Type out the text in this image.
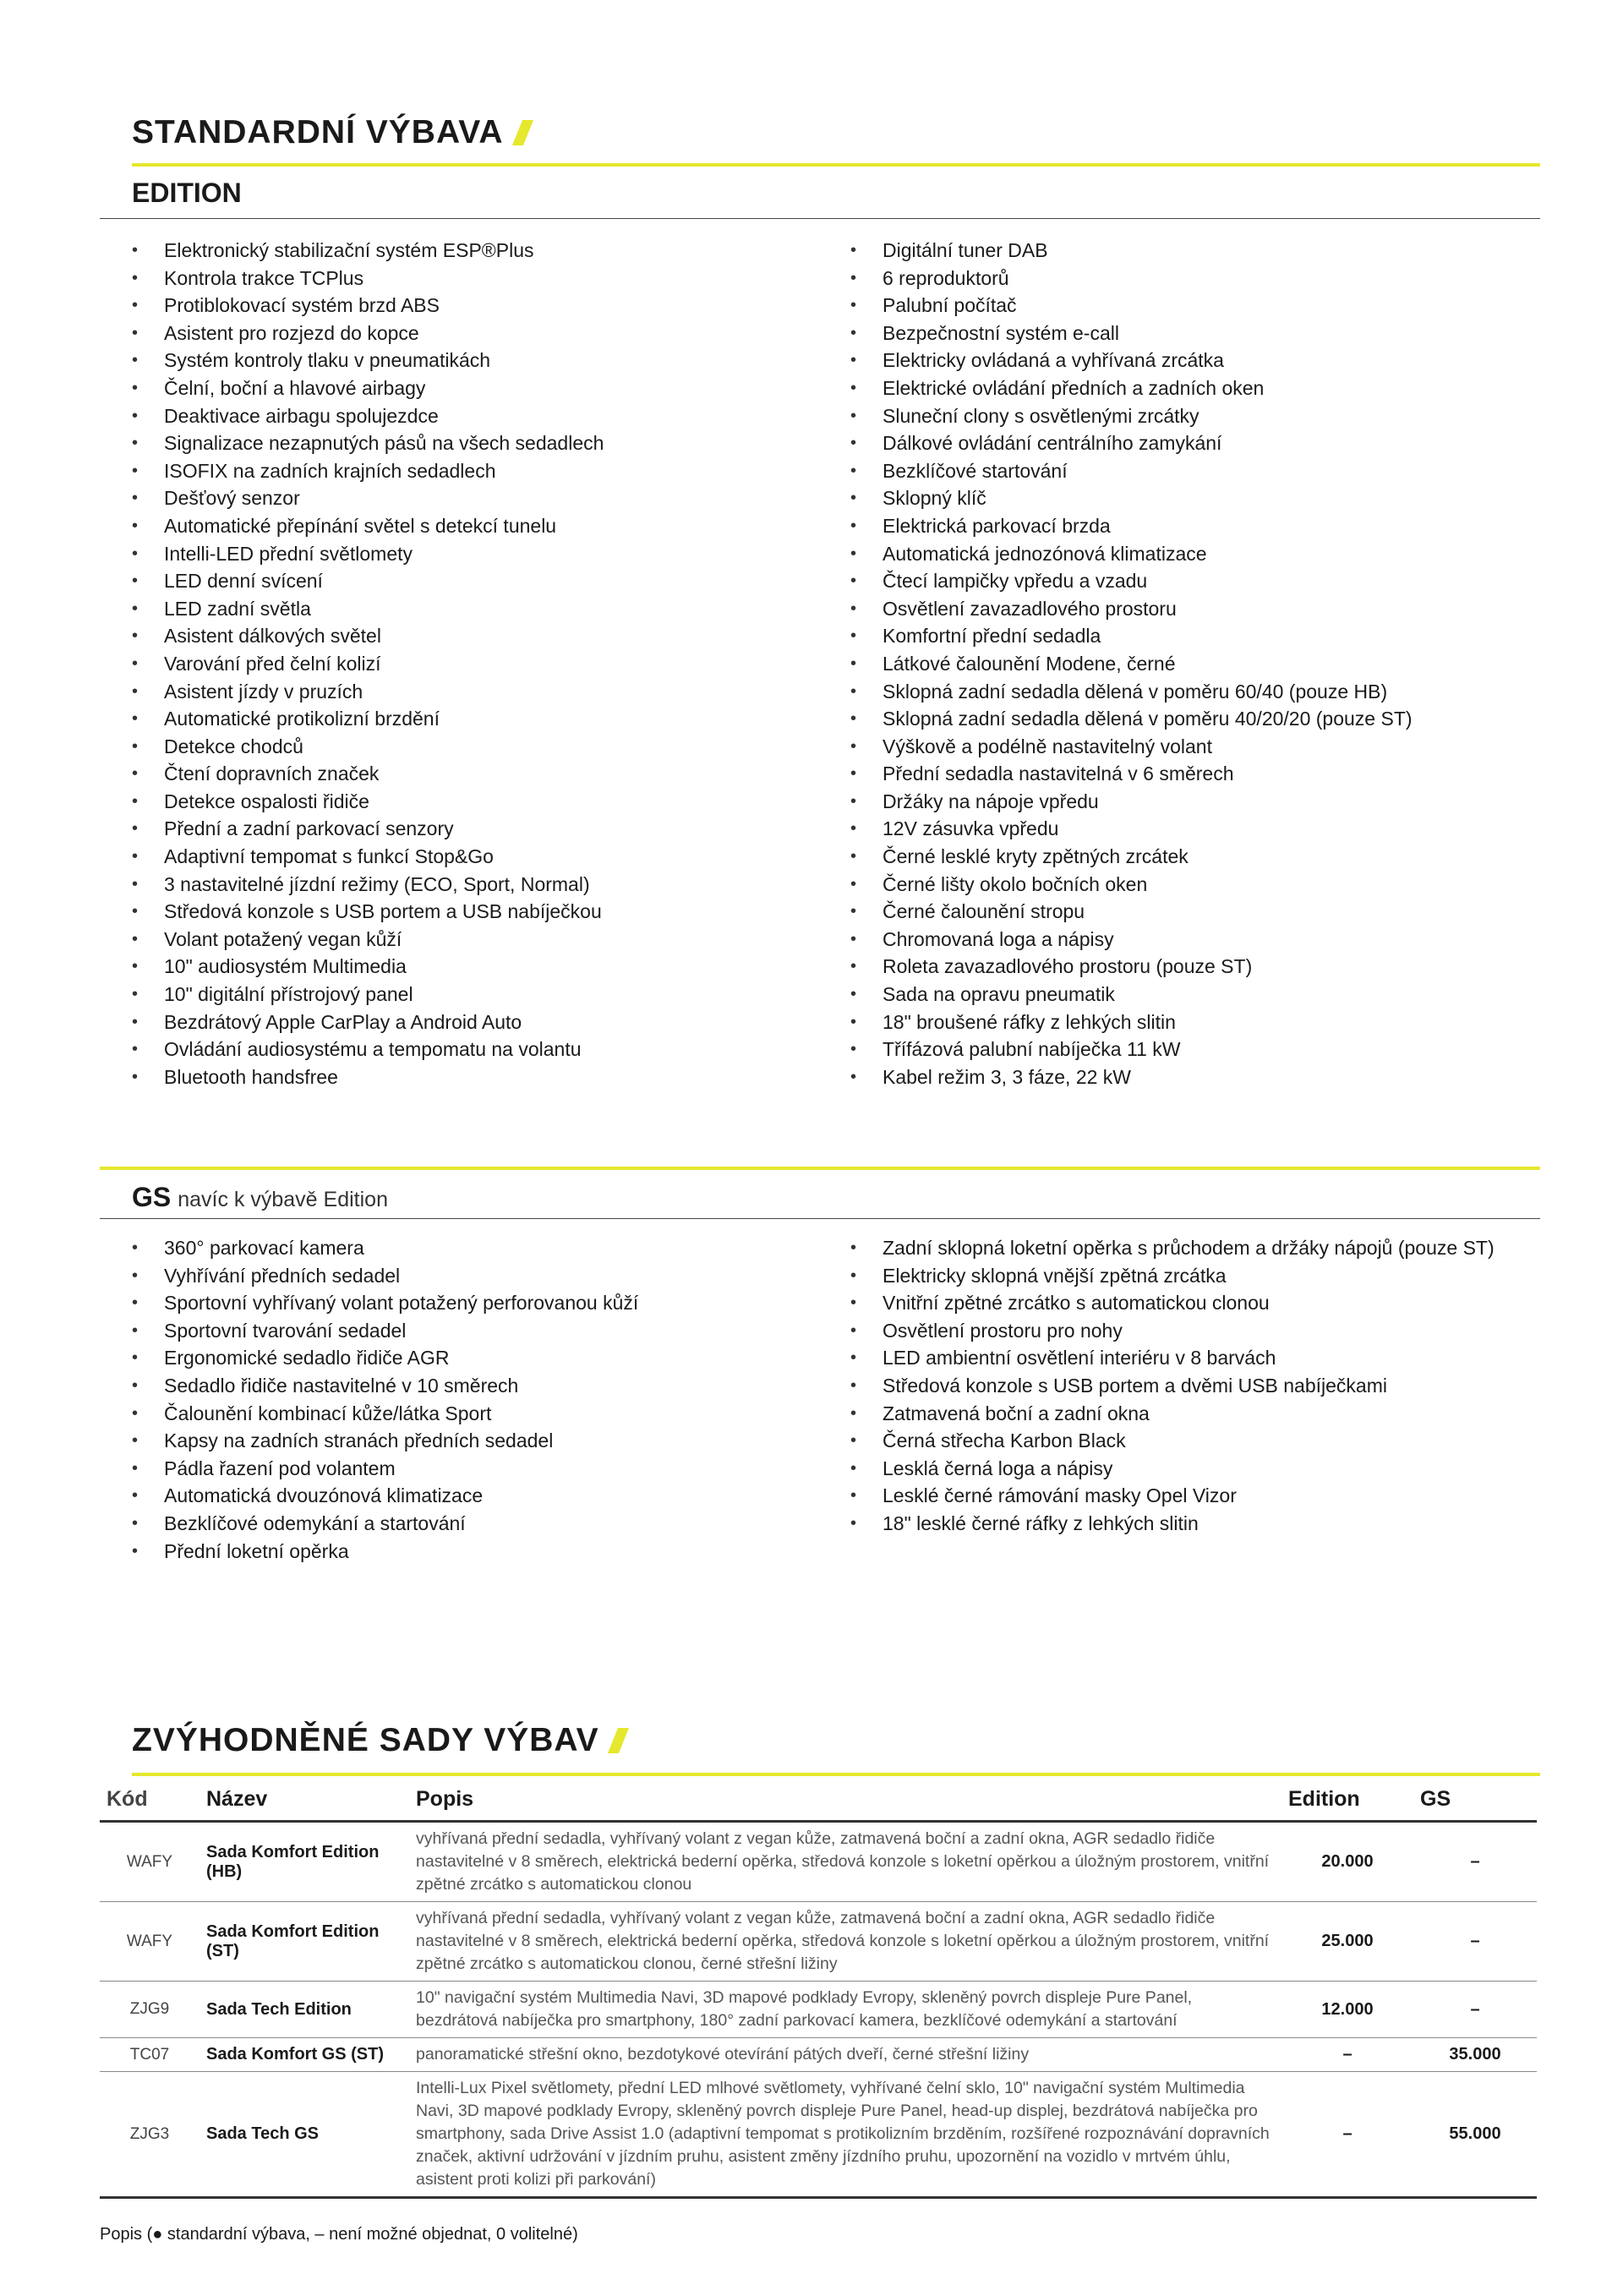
STANDARDNÍ VÝBAVA
EDITION
• Elektronický stabilizační systém ESP®Plus
• Kontrola trakce TCPlus
• Protiblokovací systém brzd ABS
• Asistent pro rozjezd do kopce
• Systém kontroly tlaku v pneumatikách
• Čelní, boční a hlavové airbagy
• Deaktivace airbagu spolujezdce
• Signalizace nezapnutých pásů na všech sedadlech
• ISOFIX na zadních krajních sedadlech
• Dešťový senzor
• Automatické přepínání světel s detekcí tunelu
• Intelli-LED přední světlomety
• LED denní svícení
• LED zadní světla
• Asistent dálkových světel
• Varování před čelní kolizí
• Asistent jízdy v pruzích
• Automatické protikolizní brzdění
• Detekce chodců
• Čtení dopravních značek
• Detekce ospalosti řidiče
• Přední a zadní parkovací senzory
• Adaptivní tempomat s funkcí Stop&Go
• 3 nastavitelné jízdní režimy (ECO, Sport, Normal)
• Středová konzole s USB portem a USB nabíječkou
• Volant potažený vegan kůží
• 10" audiosystém Multimedia
• 10" digitální přístrojový panel
• Bezdrátový Apple CarPlay a Android Auto
• Ovládání audiosystému a tempomatu na volantu
• Bluetooth handsfree
• Digitální tuner DAB
• 6 reproduktorů
• Palubní počítač
• Bezpečnostní systém e-call
• Elektricky ovládaná a vyhřívaná zrcátka
• Elektrické ovládání předních a zadních oken
• Sluneční clony s osvětlenými zrcátky
• Dálkové ovládání centrálního zamykání
• Bezklíčové startování
• Sklopný klíč
• Elektrická parkovací brzda
• Automatická jednozónová klimatizace
• Čtecí lampičky vpředu a vzadu
• Osvětlení zavazadlového prostoru
• Komfortní přední sedadla
• Látkové čalounění Modene, černé
• Sklopná zadní sedadla dělená v poměru 60/40 (pouze HB)
• Sklopná zadní sedadla dělená v poměru 40/20/20 (pouze ST)
• Výškově a podélně nastavitelný volant
• Přední sedadla nastavitelná v 6 směrech
• Držáky na nápoje vpředu
• 12V zásuvka vpředu
• Černé lesklé kryty zpětných zrcátek
• Černé lišty okolo bočních oken
• Černé čalounění stropu
• Chromovaná loga a nápisy
• Roleta zavazadlového prostoru (pouze ST)
• Sada na opravu pneumatik
• 18" broušené ráfky z lehkých slitin
• Třífázová palubní nabíječka 11 kW
• Kabel režim 3, 3 fáze, 22 kW
GS navíc k výbavě Edition
• 360° parkovací kamera
• Vyhřívání předních sedadel
• Sportovní vyhřívaný volant potažený perforovanou kůží
• Sportovní tvarování sedadel
• Ergonomické sedadlo řidiče AGR
• Sedadlo řidiče nastavitelné v 10 směrech
• Čalounění kombinací kůže/látka Sport
• Kapsy na zadních stranách předních sedadel
• Pádla řazení pod volantem
• Automatická dvouzónová klimatizace
• Bezklíčové odemykání a startování
• Přední loketní opěrka
• Zadní sklopná loketní opěrka s průchodem a držáky nápojů (pouze ST)
• Elektricky sklopná vnější zpětná zrcátka
• Vnitřní zpětné zrcátko s automatickou clonou
• Osvětlení prostoru pro nohy
• LED ambientní osvětlení interiéru v 8 barvách
• Středová konzole s USB portem a dvěmi USB nabíječkami
• Zatmavená boční a zadní okna
• Černá střecha Karbon Black
• Lesklá černá loga a nápisy
• Lesklé černé rámování masky Opel Vizor
• 18" lesklé černé ráfky z lehkých slitin
ZVÝHODNĚNÉ SADY VÝBAV
Kód	Název	Popis	Edition	GS
WAFY	Sada Komfort Edition (HB)	vyhřívaná přední sedadla, vyhřívaný volant z vegan kůže, zatmavená boční a zadní okna, AGR sedadlo řidiče nastavitelné v 8 směrech, elektrická bederní opěrka, středová konzole s loketní opěrkou a úložným prostorem, vnitřní zpětné zrcátko s automatickou clonou	20.000	–
WAFY	Sada Komfort Edition (ST)	vyhřívaná přední sedadla, vyhřívaný volant z vegan kůže, zatmavená boční a zadní okna, AGR sedadlo řidiče nastavitelné v 8 směrech, elektrická bederní opěrka, středová konzole s loketní opěrkou a úložným prostorem, vnitřní zpětné zrcátko s automatickou clonou, černé střešní ližiny	25.000	–
ZJG9	Sada Tech Edition	10" navigační systém Multimedia Navi, 3D mapové podklady Evropy, skleněný povrch displeje Pure Panel, bezdrátová nabíječka pro smartphony, 180° zadní parkovací kamera, bezklíčové odemykání a startování	12.000	–
TC07	Sada Komfort GS (ST)	panoramatické střešní okno, bezdotykové otevírání pátých dveří, černé střešní ližiny	–	35.000
ZJG3	Sada Tech GS	Intelli-Lux Pixel světlomety, přední LED mlhové světlomety, vyhřívané čelní sklo, 10" navigační systém Multimedia Navi, 3D mapové podklady Evropy, skleněný povrch displeje Pure Panel, head-up displej, bezdrátová nabíječka pro smartphony, sada Drive Assist 1.0 (adaptivní tempomat s protikolizním brzděním, rozšířené rozpoznávání dopravních značek, aktivní udržování v jízdním pruhu, asistent změny jízdního pruhu, upozornění na vozidlo v mrtvém úhlu, asistent proti kolizi při parkování)	–	55.000
Popis (● standardní výbava, – není možné objednat, 0 volitelné)
